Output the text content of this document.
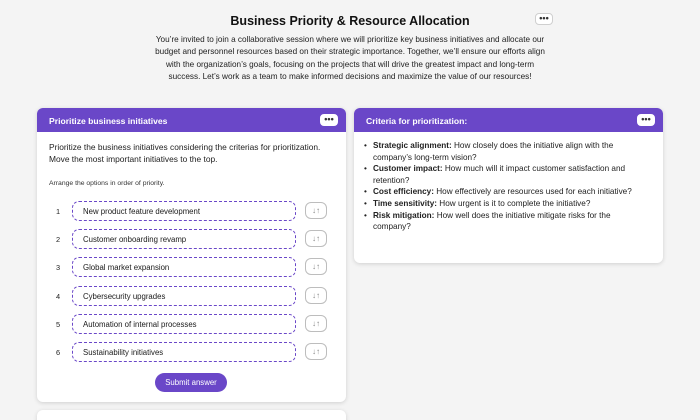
Business Priority & Resource Allocation

You’re invited to join a collaborative session where we will prioritize key business initiatives and allocate our budget and personnel resources based on their strategic importance. Together, we’ll ensure our efforts align with the organization’s goals, focusing on the projects that will drive the greatest impact and long-term success. Let’s work as a team to make informed decisions and maximize the value of our resources!

•••
Prioritize business initiatives	•••

Prioritize the business initiatives considering the criterias for prioritization. Move the most important initiatives to the top.

Arrange the options in order of priority.

1	New product feature development	↓↑
2	Customer onboarding revamp	↓↑
3	Global market expansion	↓↑
4	Cybersecurity upgrades	↓↑
5	Automation of internal processes	↓↑
6	Sustainability initiatives	↓↑
Submit answer
Criteria for prioritization:	•••
• Strategic alignment: How closely does the initiative align with the company’s long-term vision?
• Customer impact: How much will it impact customer satisfaction and retention?
• Cost efficiency: How effectively are resources used for each initiative?
• Time sensitivity: How urgent is it to complete the initiative?
• Risk mitigation: How well does the initiative mitigate risks for the company?
